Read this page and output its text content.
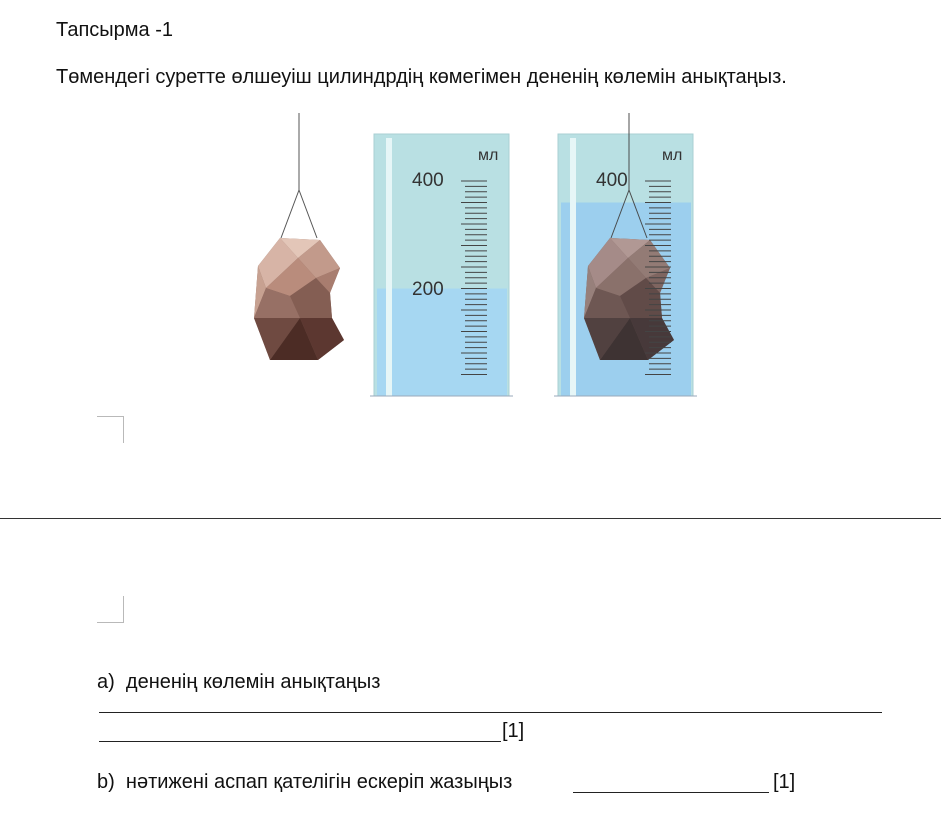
Тапсырма -1
Төмендегі суретте өлшеуіш цилиндрдің көмегімен дененің көлемін анықтаңыз.
мл
400
200
мл
400
a) дененің көлемін анықтаңыз
[1]
b) нәтижені аспап қателігін ескеріп жазыңыз	[1]
